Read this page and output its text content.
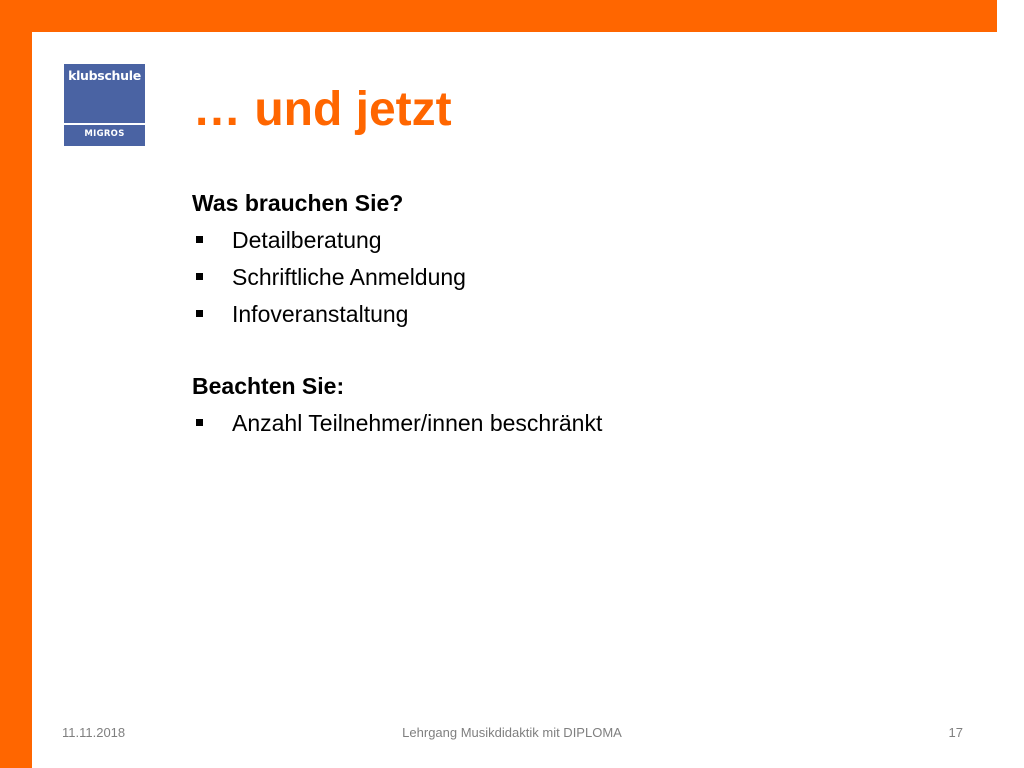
klubschule
MIGROS	… und jetzt
Was brauchen Sie?
Detailberatung
Schriftliche Anmeldung
Infoveranstaltung
Beachten Sie:
Anzahl Teilnehmer/innen beschränkt
11.11.2018	Lehrgang Musikdidaktik mit DIPLOMA	17
